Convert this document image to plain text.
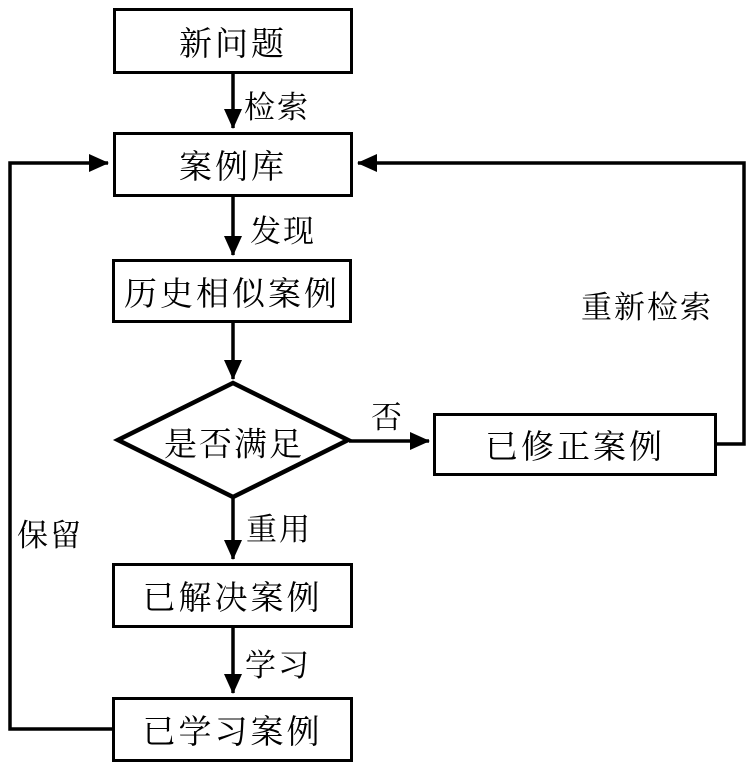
新问题
案例库
历史相似案例
是否满足	已修正案例
已解决案例
已学习案例
检索
发现
否
重新检索
重用
学习
保留
